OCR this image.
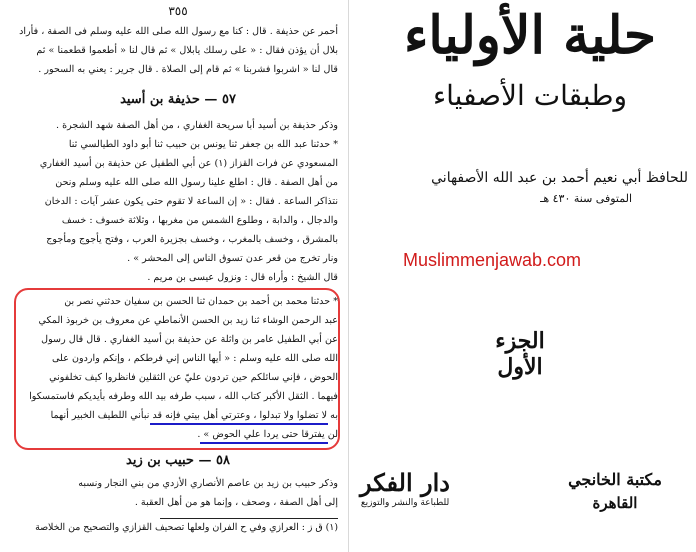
٣٥٥
أحمر عن حذيفة . قال : كنا مع رسول الله صلى الله عليه وسلم فى الصفة ، فأراد
بلال أن يؤذن فقال : « على رسلك يابلال » ثم قال لنا « أطعموا قطعمنا » ثم
قال لنا « اشربوا فشربنا » ثم قام إلى الصلاة . قال جرير : يعني به السحور .
٥٧ — حذيفة بن أسيد
وذكر حذيفة بن أسيد أبا سريحة الغفاري ، من أهل الصفة شهد الشجرة .
* حدثنا عبد الله بن جعفر ثنا يونس بن حبيب ثنا أبو داود الطيالسي ثنا
المسعودي عن فرات القزاز (١) عن أبي الطفيل عن حذيفة بن أسيد الغفاري
من أهل الصفة . قال : اطلع علينا رسول الله صلى الله عليه وسلم ونحن
نتذاكر الساعة . فقال : « إن الساعة لا تقوم حتى يكون عشر آيات : الدخان
والدجال ، والدابة ، وطلوع الشمس من مغربها ، وثلاثة خسوف : خسف
بالمشرق ، وخسف بالمغرب ، وخسف بجزيرة العرب ، وفتح يأجوج ومأجوج
ونار تخرج من قعر عدن تسوق الناس إلى المحشر » .
قال الشيخ : وأراه قال : ونزول عيسى بن مريم .
* حدثنا محمد بن أحمد بن حمدان ثنا الحسن بن سفيان حدثني نصر بن
عبد الرحمن الوشاء ثنا زيد بن الحسن الأنماطي عن معروف بن خربوذ المكي
عن أبي الطفيل عامر بن واثلة عن حذيفة بن أسيد الغفاري . قال قال رسول
الله صلى الله عليه وسلم : « أيها الناس إني فرطكم ، وإنكم واردون على
الحوض ، فإني سائلكم حين تردون عليّ عن الثقلين فانظروا كيف تخلفوني
فيهما . الثقل الأكبر كتاب الله ، سبب طرفه بيد الله وطرفه بأيديكم فاستمسكوا
به لا تضلوا ولا تبدلوا ، وعترتي أهل بيتي فإنه قد نبأني اللطيف الخبير أنهما
لن يفترقا حتى يردا علي الحوض » .
٥٨ — حبيب بن زيد
وذكر حبيب بن زيد بن عاصم الأنصاري الأزدي من بني النجار ونسبه
إلى أهل الصفة ، وصحف ، وإنما هو من أهل العقبة .
(١) ق ز : العرازي وفي ح الفران ولعلها تصحيف القزازي والتصحيح من الخلاصة
حلية الأولياء
وطبقات الأصفياء
للحافظ أبي نعيم أحمد بن عبد الله الأصفهاني
المتوفى سنة ٤٣٠ هـ
Muslimmenjawab.com
الجزء الأول
دار الفكر
للطباعة والنشر والتوزيع
مكتبة الخانجي
القاهرة
